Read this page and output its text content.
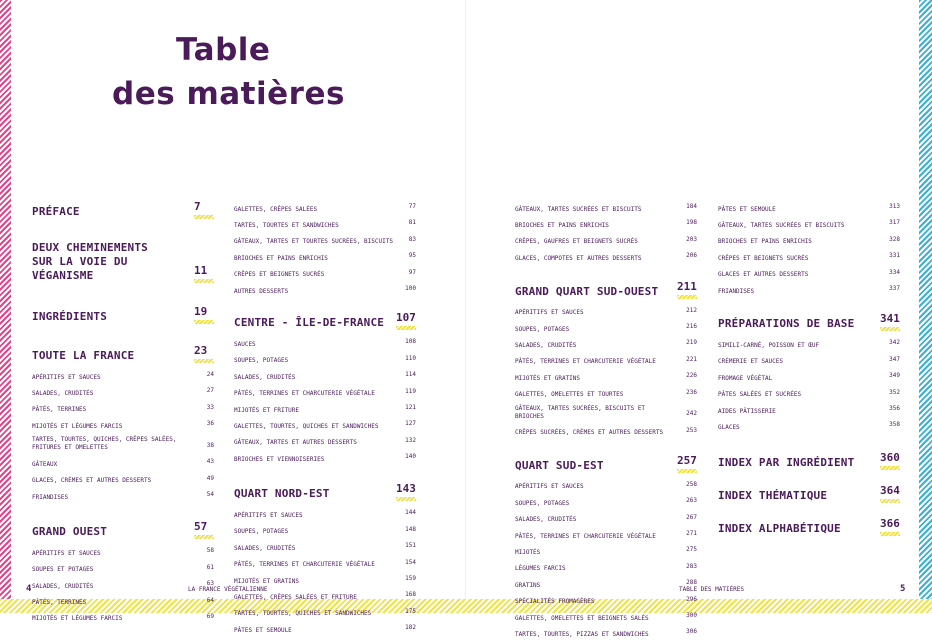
Table
des matières
PRÉFACE	7
DEUX CHEMINEMENTS
SUR LA VOIE DU VÉGANISME	11
INGRÉDIENTS	19
TOUTE LA FRANCE	23
APÉRITIFS ET SAUCES	24
SALADES, CRUDITÉS	27
PÂTÉS, TERRINES	33
MIJOTÉS ET LÉGUMES FARCIS	36
TARTES, TOURTES, QUICHES, CRÊPES SALÉES, FRITURES ET OMELETTES	38
GÂTEAUX	43
GLACES, CRÈMES ET AUTRES DESSERTS	49
FRIANDISES	54
GRAND OUEST	57
APÉRITIFS ET SAUCES	58
SOUPES ET POTAGES	61
SALADES, CRUDITÉS	63
PÂTÉS, TERRINES	64
MIJOTÉS ET LÉGUMES FARCIS	69
GALETTES, CRÊPES SALÉES	77
TARTES, TOURTES ET SANDWICHES	81
GÂTEAUX, TARTES ET TOURTES SUCRÉES, BISCUITS	83
BRIOCHES ET PAINS ENRICHIS	95
CRÊPES ET BEIGNETS SUCRÉS	97
AUTRES DESSERTS	100
CENTRE - ÎLE-DE-FRANCE 107
SAUCES	108
SOUPES, POTAGES	110
SALADES, CRUDITÉS	114
PÂTÉS, TERRINES ET CHARCUTERIE VÉGÉTALE	119
MIJOTÉS ET FRITURE	121
GALETTES, TOURTES, QUICHES ET SANDWICHES	127
GÂTEAUX, TARTES ET AUTRES DESSERTS	132
BRIOCHES ET VIENNOISERIES	140
QUART NORD-EST	143
APÉRITIFS ET SAUCES	144
SOUPES, POTAGES	148
SALADES, CRUDITÉS	151
PÂTÉS, TERRINES ET CHARCUTERIE VÉGÉTALE	154
MIJOTÉS ET GRATINS	159
GALETTES, CRÊPES SALÉES ET FRITURE	168
TARTES, TOURTES, QUICHES ET SANDWICHES	175
PÂTES ET SEMOULE	182
GÂTEAUX, TARTES SUCRÉES ET BISCUITS	184
BRIOCHES ET PAINS ENRICHIS	198
CRÊPES, GAUFRES ET BEIGNETS SUCRÉS	203
GLACES, COMPOTES ET AUTRES DESSERTS	206
GRAND QUART SUD-OUEST 211
APÉRITIFS ET SAUCES	212
SOUPES, POTAGES	216
SALADES, CRUDITÉS	219
PÂTÉS, TERRINES ET CHARCUTERIE VÉGÉTALE	221
MIJOTÉS ET GRATINS	226
GALETTES, OMELETTES ET TOURTES	236
GÂTEAUX, TARTES SUCRÉES, BISCUITS ET BRIOCHES	242
CRÊPES SUCRÉES, CRÈMES ET AUTRES DESSERTS	253
QUART SUD-EST	257
APÉRITIFS ET SAUCES	258
SOUPES, POTAGES	263
SALADES, CRUDITÉS	267
PÂTÉS, TERRINES ET CHARCUTERIE VÉGÉTALE	271
MIJOTÉS	275
LÉGUMES FARCIS	283
GRATINS	288
SPÉCIALITÉS FROMAGÈRES	296
GALETTES, OMELETTES ET BEIGNETS SALÉS	300
TARTES, TOURTES, PIZZAS ET SANDWICHES	306
PÂTES ET SEMOULE	313
GÂTEAUX, TARTES SUCRÉES ET BISCUITS	317
BRIOCHES ET PAINS ENRICHIS	328
CRÊPES ET BEIGNETS SUCRÉS	331
GLACES ET AUTRES DESSERTS	334
FRIANDISES	337
PRÉPARATIONS DE BASE 341
SIMILI-CARNÉ, POISSON ET ŒUF	342
CRÈMERIE ET SAUCES	347
FROMAGE VÉGÉTAL	349
PÂTES SALÉES ET SUCRÉES	352
AIDES PÂTISSERIE	356
GLACES	358
INDEX PAR INGRÉDIENT 360
INDEX THÉMATIQUE	364
INDEX ALPHABÉTIQUE	366
4	LA FRANCE VÉGÉTALIENNE	TABLE DES MATIÈRES	5
